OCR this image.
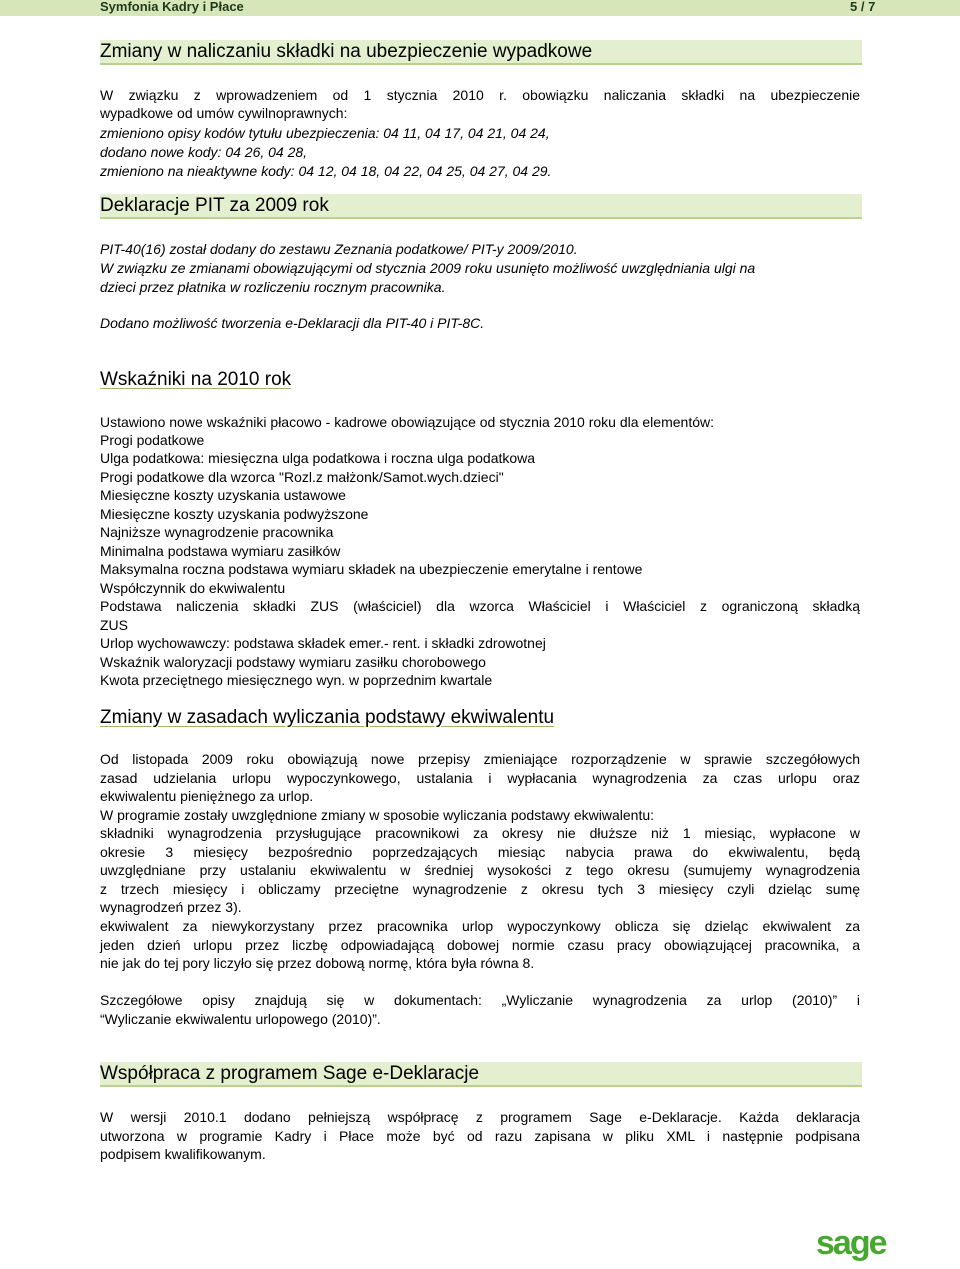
Symfonia Kadry i Płace	5 / 7
Zmiany w naliczaniu składki na ubezpieczenie wypadkowe
W związku z wprowadzeniem od 1 stycznia 2010 r. obowiązku naliczania składki na ubezpieczenie
wypadkowe od umów cywilnoprawnych:
zmieniono opisy kodów tytułu ubezpieczenia: 04 11, 04 17, 04 21, 04 24,
dodano nowe kody: 04 26, 04 28,
zmieniono na nieaktywne kody: 04 12, 04 18, 04 22, 04 25, 04 27, 04 29.
Deklaracje PIT za 2009 rok
PIT-40(16) został dodany do zestawu Zeznania podatkowe/ PIT-y 2009/2010.
W związku ze zmianami obowiązującymi od stycznia 2009 roku usunięto możliwość uwzględniania ulgi na
dzieci przez płatnika w rozliczeniu rocznym pracownika.
Dodano możliwość tworzenia e-Deklaracji dla PIT-40 i PIT-8C.
Wskaźniki na 2010 rok
Ustawiono nowe wskaźniki płacowo - kadrowe obowiązujące od stycznia 2010 roku dla elementów:
Progi podatkowe
Ulga podatkowa: miesięczna ulga podatkowa i roczna ulga podatkowa
Progi podatkowe dla wzorca "Rozl.z małżonk/Samot.wych.dzieci"
Miesięczne koszty uzyskania ustawowe
Miesięczne koszty uzyskania podwyższone
Najniższe wynagrodzenie pracownika
Minimalna podstawa wymiaru zasiłków
Maksymalna roczna podstawa wymiaru składek na ubezpieczenie emerytalne i rentowe
Współczynnik do ekwiwalentu
Podstawa naliczenia składki ZUS (właściciel) dla wzorca Właściciel i Właściciel z ograniczoną składką
ZUS
Urlop wychowawczy: podstawa składek emer.- rent. i składki zdrowotnej
Wskaźnik waloryzacji podstawy wymiaru zasiłku chorobowego
Kwota przeciętnego miesięcznego wyn. w poprzednim kwartale
Zmiany w zasadach wyliczania podstawy ekwiwalentu
Od listopada 2009 roku obowiązują nowe przepisy zmieniające rozporządzenie w sprawie szczegółowych
zasad udzielania urlopu wypoczynkowego, ustalania i wypłacania wynagrodzenia za czas urlopu oraz
ekwiwalentu pieniężnego za urlop.
W programie zostały uwzględnione zmiany w sposobie wyliczania podstawy ekwiwalentu:
składniki wynagrodzenia przysługujące pracownikowi za okresy nie dłuższe niż 1 miesiąc, wypłacone w
okresie 3 miesięcy bezpośrednio poprzedzających miesiąc nabycia prawa do ekwiwalentu, będą
uwzględniane przy ustalaniu ekwiwalentu w średniej wysokości z tego okresu (sumujemy wynagrodzenia
z trzech miesięcy i obliczamy przeciętne wynagrodzenie z okresu tych 3 miesięcy czyli dzieląc sumę
wynagrodzeń przez 3).
ekwiwalent za niewykorzystany przez pracownika urlop wypoczynkowy oblicza się dzieląc ekwiwalent za
jeden dzień urlopu przez liczbę odpowiadającą dobowej normie czasu pracy obowiązującej pracownika, a
nie jak do tej pory liczyło się przez dobową normę, która była równa 8.
Szczegółowe opisy znajdują się w dokumentach: „Wyliczanie wynagrodzenia za urlop (2010)” i
“Wyliczanie ekwiwalentu urlopowego (2010)”.
Współpraca z programem Sage e-Deklaracje
W wersji 2010.1 dodano pełniejszą współpracę z programem Sage e-Deklaracje. Każda deklaracja
utworzona w programie Kadry i Płace może być od razu zapisana w pliku XML i następnie podpisana
podpisem kwalifikowanym.
sage
